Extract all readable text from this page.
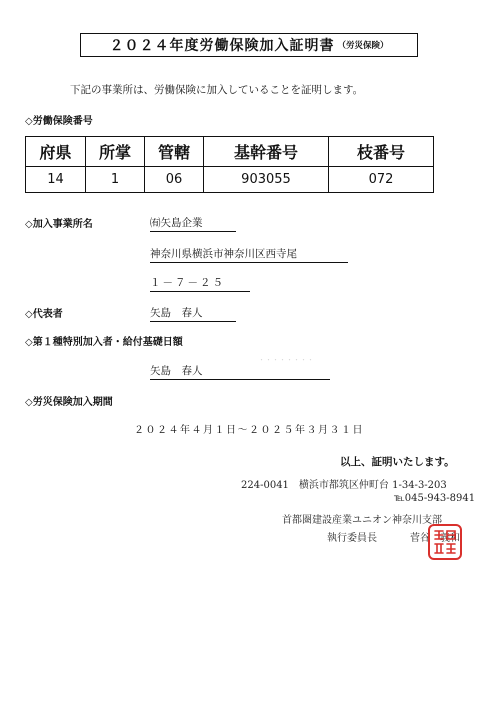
２０２４年度労働保険加入証明書 （労災保険）
下記の事業所は、労働保険に加入していることを証明します。
◇労働保険番号
府県	所掌	管轄	基幹番号	枝番号
14	1	06	903055	072
◇加入事業所名	㈲矢島企業
神奈川県横浜市神奈川区西寺尾
１－７－２５
◇代表者	矢島　春人
◇第１種特別加入者・給付基礎日額
矢島　春人
・・・・・・・・
◇労災保険加入期間
２０２４年４月１日～２０２５年３月３１日
以上、証明いたします。
224-0041　横浜市都筑区仲町台 1-34-3-203
℡045-943-8941
首都圏建設産業ユニオン神奈川支部
執行委員長	菅谷　義和
